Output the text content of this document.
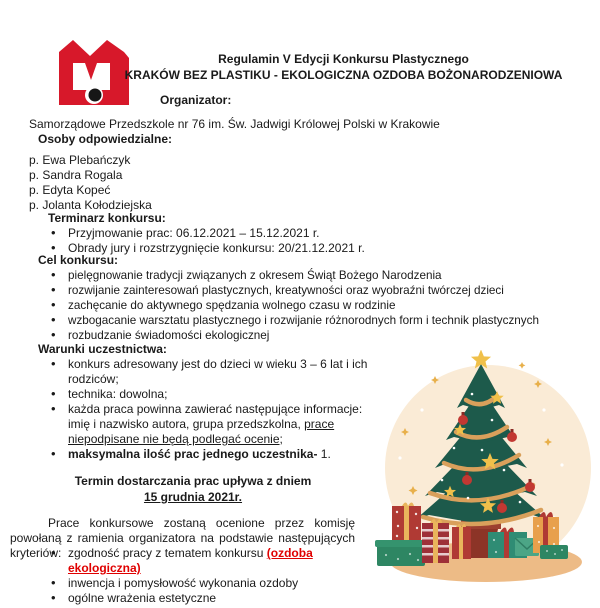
Regulamin V Edycji Konkursu Plastycznego
KRAKÓW BEZ PLASTIKU - EKOLOGICZNA OZDOBA BOŻONARODZENIOWA
Organizator:
Samorządowe Przedszkole nr 76 im. Św. Jadwigi Królowej Polski w Krakowie
Osoby odpowiedzialne:
p. Ewa Plebańczyk
p. Sandra Rogala
p. Edyta Kopeć
p. Jolanta Kołodziejska
Terminarz konkursu:
• Przyjmowanie prac: 06.12.2021 – 15.12.2021 r.
• Obrady jury i rozstrzygnięcie konkursu: 20/21.12.2021 r.
Cel konkursu:
• pielęgnowanie tradycji związanych z okresem Świąt Bożego Narodzenia
• rozwijanie zainteresowań plastycznych, kreatywności oraz wyobraźni twórczej dzieci
• zachęcanie do aktywnego spędzania wolnego czasu w rodzinie
• wzbogacanie warsztatu plastycznego i rozwijanie różnorodnych form i technik plastycznych
• rozbudzanie świadomości ekologicznej
Warunki uczestnictwa:
• konkurs adresowany jest do dzieci w wieku 3 – 6 lat i ich rodziców;
• technika: dowolna;
• każda praca powinna zawierać następujące informacje: imię i nazwisko autora, grupa przedszkolna, prace niepodpisane nie będą podlegać ocenie;
• maksymalna ilość prac jednego uczestnika- 1.
Termin dostarczania prac upływa z dniem
15 grudnia 2021r.
Prace konkursowe zostaną ocenione przez komisję powołaną z ramienia organizatora na podstawie następujących kryteriów: • zgodność pracy z tematem konkursu (ozdoba ekologiczna)
• inwencja i pomysłowość wykonania ozdoby
• ogólne wrażenia estetyczne
